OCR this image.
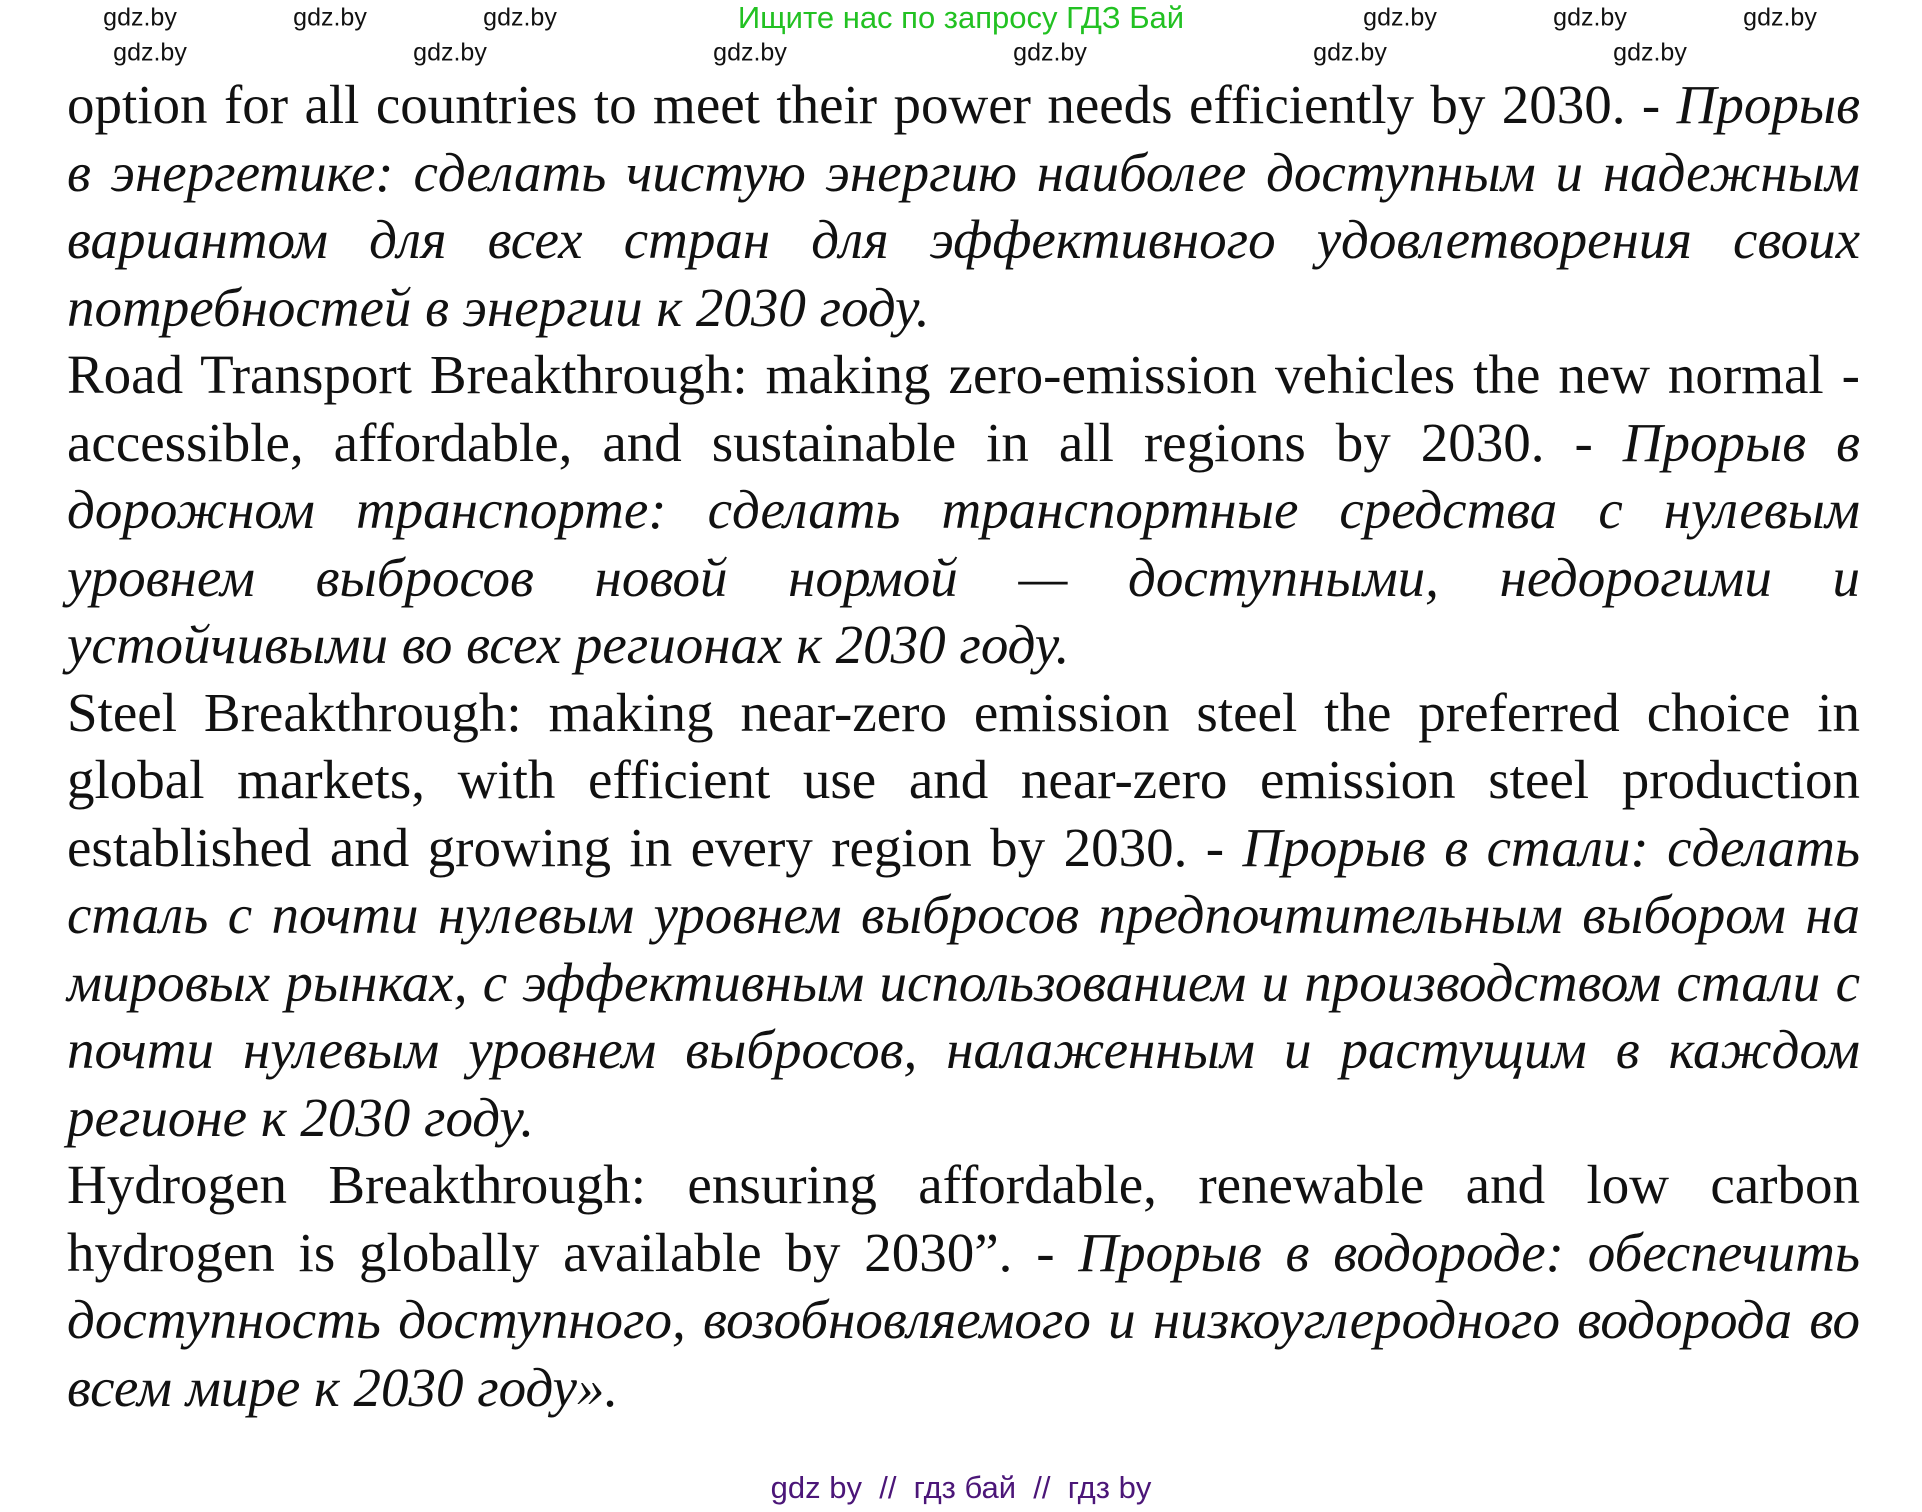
Ищите нас по запросу ГДЗ Бай

option for all countries to meet their power needs efficiently by 2030. - Прорыв в энергетике: сделать чистую энергию наиболее доступным и надежным вариантом для всех стран для эффективного удовлетворения своих потребностей в энергии к 2030 году.

Road Transport Breakthrough: making zero-emission vehicles the new normal - accessible, affordable, and sustainable in all regions by 2030. - Прорыв в дорожном транспорте: сделать транспортные средства с нулевым уровнем выбросов новой нормой — доступными, недорогими и устойчивыми во всех регионах к 2030 году.

Steel Breakthrough: making near-zero emission steel the preferred choice in global markets, with efficient use and near-zero emission steel production established and growing in every region by 2030. - Прорыв в стали: сделать сталь с почти нулевым уровнем выбросов предпочтительным выбором на мировых рынках, с эффективным использованием и производством стали с почти нулевым уровнем выбросов, налаженным и растущим в каждом регионе к 2030 году.

Hydrogen Breakthrough: ensuring affordable, renewable and low carbon hydrogen is globally available by 2030”. - Прорыв в водороде: обеспечить доступность доступного, возобновляемого и низкоуглеродного водорода во всем мире к 2030 году».

gdz.by	gdz.by	gdz.by	gdz.by	gdz.by	gdz.by
gdz.by	gdz.by	gdz.by	gdz.by	gdz.by	gdz.by
gdz by  //  гдз бай  //  гдз by
